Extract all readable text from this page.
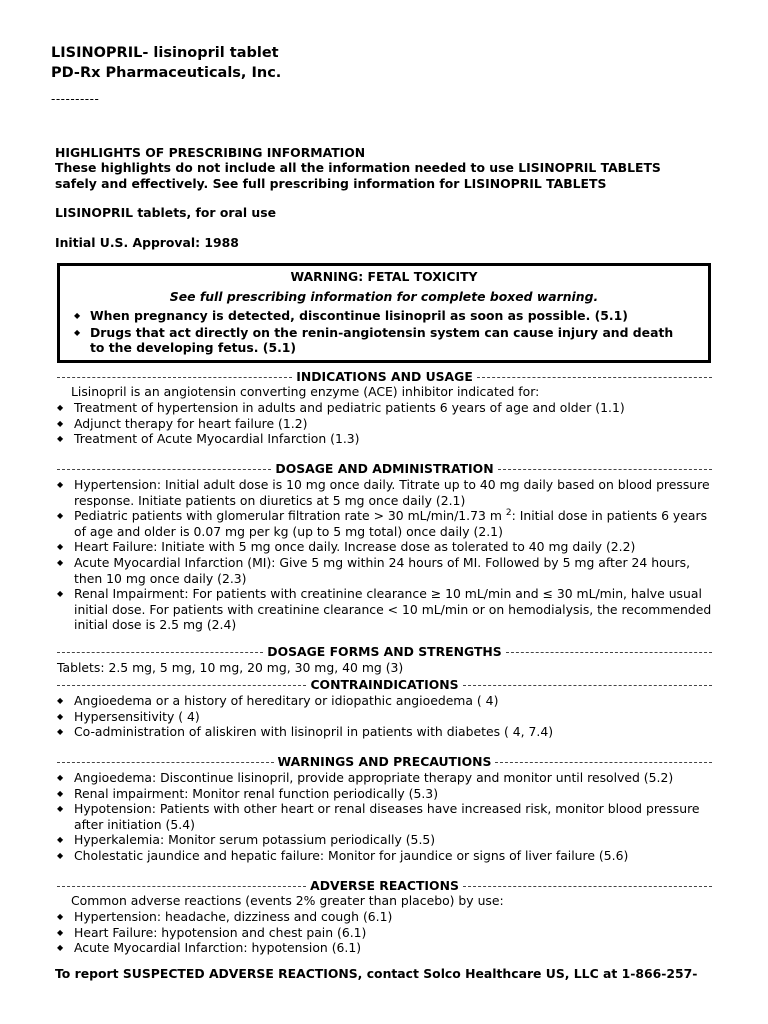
LISINOPRIL- lisinopril tablet
PD-Rx Pharmaceuticals, Inc.
----------
HIGHLIGHTS OF PRESCRIBING INFORMATION
These highlights do not include all the information needed to use LISINOPRIL TABLETS
safely and effectively. See full prescribing information for LISINOPRIL TABLETS
LISINOPRIL tablets, for oral use
Initial U.S. Approval: 1988
WARNING: FETAL TOXICITY
See full prescribing information for complete boxed warning.
◆ When pregnancy is detected, discontinue lisinopril as soon as possible. (5.1)
◆ Drugs that act directly on the renin-angiotensin system can cause injury and death to the developing fetus. (5.1)
INDICATIONS AND USAGE
Lisinopril is an angiotensin converting enzyme (ACE) inhibitor indicated for:
◆ Treatment of hypertension in adults and pediatric patients 6 years of age and older (1.1)
◆ Adjunct therapy for heart failure (1.2)
◆ Treatment of Acute Myocardial Infarction (1.3)
DOSAGE AND ADMINISTRATION
◆ Hypertension: Initial adult dose is 10 mg once daily. Titrate up to 40 mg daily based on blood pressure response. Initiate patients on diuretics at 5 mg once daily (2.1)
◆ Pediatric patients with glomerular filtration rate > 30 mL/min/1.73 m $^2$: Initial dose in patients 6 years of age and older is 0.07 mg per kg (up to 5 mg total) once daily (2.1)
◆ Heart Failure: Initiate with 5 mg once daily. Increase dose as tolerated to 40 mg daily (2.2)
◆ Acute Myocardial Infarction (MI): Give 5 mg within 24 hours of MI. Followed by 5 mg after 24 hours, then 10 mg once daily (2.3)
◆ Renal Impairment: For patients with creatinine clearance ≥ 10 mL/min and ≤ 30 mL/min, halve usual initial dose. For patients with creatinine clearance < 10 mL/min or on hemodialysis, the recommended initial dose is 2.5 mg (2.4)
DOSAGE FORMS AND STRENGTHS
Tablets: 2.5 mg, 5 mg, 10 mg, 20 mg, 30 mg, 40 mg (3)
CONTRAINDICATIONS
◆ Angioedema or a history of hereditary or idiopathic angioedema ( 4)
◆ Hypersensitivity ( 4)
◆ Co-administration of aliskiren with lisinopril in patients with diabetes ( 4, 7.4)
WARNINGS AND PRECAUTIONS
◆ Angioedema: Discontinue lisinopril, provide appropriate therapy and monitor until resolved (5.2)
◆ Renal impairment: Monitor renal function periodically (5.3)
◆ Hypotension: Patients with other heart or renal diseases have increased risk, monitor blood pressure after initiation (5.4)
◆ Hyperkalemia: Monitor serum potassium periodically (5.5)
◆ Cholestatic jaundice and hepatic failure: Monitor for jaundice or signs of liver failure (5.6)
ADVERSE REACTIONS
Common adverse reactions (events 2% greater than placebo) by use:
◆ Hypertension: headache, dizziness and cough (6.1)
◆ Heart Failure: hypotension and chest pain (6.1)
◆ Acute Myocardial Infarction: hypotension (6.1)
To report SUSPECTED ADVERSE REACTIONS, contact Solco Healthcare US, LLC at 1-866-257-
